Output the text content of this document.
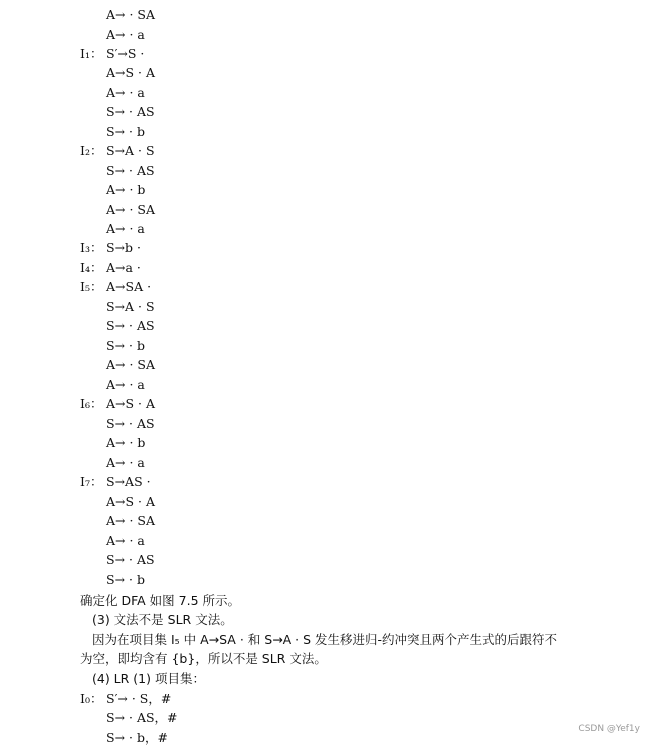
A→ · SA
A→ · a
I₁： S′→S ·
A→S · A
A→ · a
S→ · AS
S→ · b
I₂： S→A · S
S→ · AS
A→ · b
A→ · SA
A→ · a
I₃： S→b ·
I₄： A→a ·
I₅： A→SA ·
S→A · S
S→ · AS
S→ · b
A→ · SA
A→ · a
I₆： A→S · A
S→ · AS
A→ · b
A→ · a
I₇： S→AS ·
A→S · A
A→ · SA
A→ · a
S→ · AS
S→ · b
确定化 DFA 如图 7.5 所示。
(3) 文法不是 SLR 文法。
因为在项目集 I₅ 中 A→SA · 和 S→A · S 发生移进归-约冲突且两个产生式的后跟符不
为空，即均含有 {b}，所以不是 SLR 文法。
(4) LR (1) 项目集：
I₀： S′→ · S，#
S→ · AS，#
S→ · b，#
CSDN @Yef1y
